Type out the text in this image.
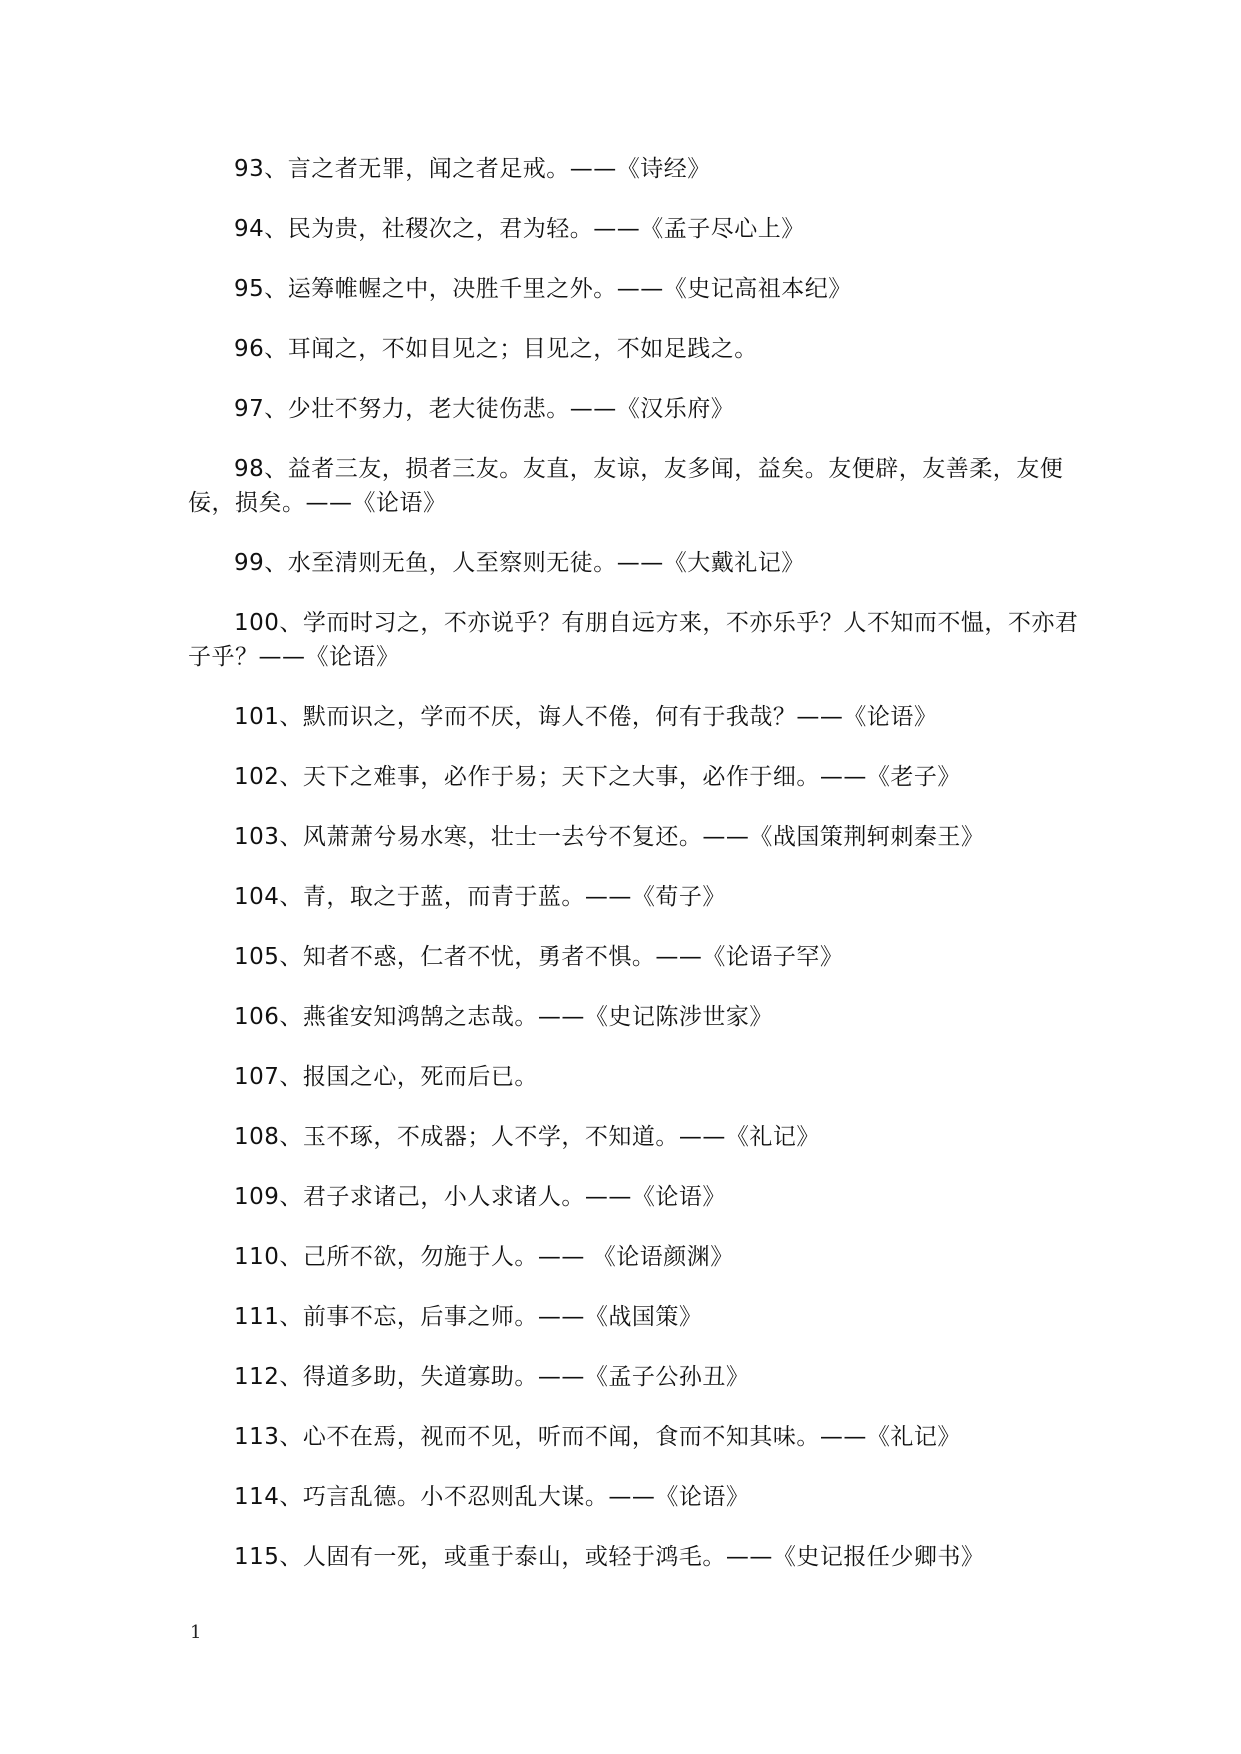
93、言之者无罪，闻之者足戒。——《诗经》

94、民为贵，社稷次之，君为轻。——《孟子尽心上》

95、运筹帷幄之中，决胜千里之外。——《史记高祖本纪》

96、耳闻之，不如目见之；目见之，不如足践之。

97、少壮不努力，老大徒伤悲。——《汉乐府》

98、益者三友，损者三友。友直，友谅，友多闻，益矣。友便辟，友善柔，友便佞，损矣。——《论语》

99、水至清则无鱼，人至察则无徒。——《大戴礼记》

100、学而时习之，不亦说乎？有朋自远方来，不亦乐乎？人不知而不愠，不亦君子乎？——《论语》

101、默而识之，学而不厌，诲人不倦，何有于我哉？——《论语》

102、天下之难事，必作于易；天下之大事，必作于细。——《老子》

103、风萧萧兮易水寒，壮士一去兮不复还。——《战国策荆轲刺秦王》

104、青，取之于蓝，而青于蓝。——《荀子》

105、知者不惑，仁者不忧，勇者不惧。——《论语子罕》

106、燕雀安知鸿鹄之志哉。——《史记陈涉世家》

107、报国之心，死而后已。

108、玉不琢，不成器；人不学，不知道。——《礼记》

109、君子求诸己，小人求诸人。——《论语》

110、己所不欲，勿施于人。—— 《论语颜渊》

111、前事不忘，后事之师。——《战国策》

112、得道多助，失道寡助。——《孟子公孙丑》

113、心不在焉，视而不见，听而不闻，食而不知其味。——《礼记》

114、巧言乱德。小不忍则乱大谋。——《论语》

115、人固有一死，或重于泰山，或轻于鸿毛。——《史记报任少卿书》

1
